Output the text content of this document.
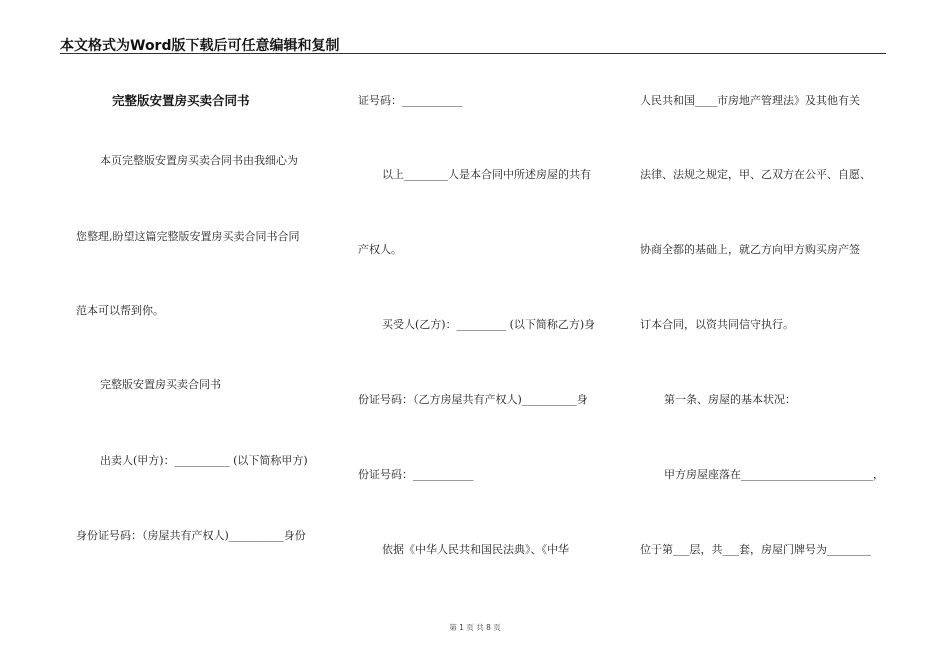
本文格式为Word版下载后可任意编辑和复制
完整版安置房买卖合同书
本页完整版安置房买卖合同书由我细心为
您整理,盼望这篇完整版安置房买卖合同书合同
范本可以帮到你。
完整版安置房买卖合同书
出卖人(甲方)：__________ (以下简称甲方)
身份证号码：（房屋共有产权人)__________身份
证号码：___________
以上________人是本合同中所述房屋的共有
产权人。
买受人(乙方)：_________ (以下简称乙方)身
份证号码：（乙方房屋共有产权人)__________身
份证号码：___________
依据《中华人民共和国民法典》、《中华
人民共和国____市房地产管理法》及其他有关
法律、法规之规定，甲、乙双方在公平、自愿、
协商全都的基础上，就乙方向甲方购买房产签
订本合同，以资共同信守执行。
第一条、房屋的基本状况：
甲方房屋座落在________________________，
位于第___层，共___套，房屋门牌号为________
第 1 页 共 8 页
